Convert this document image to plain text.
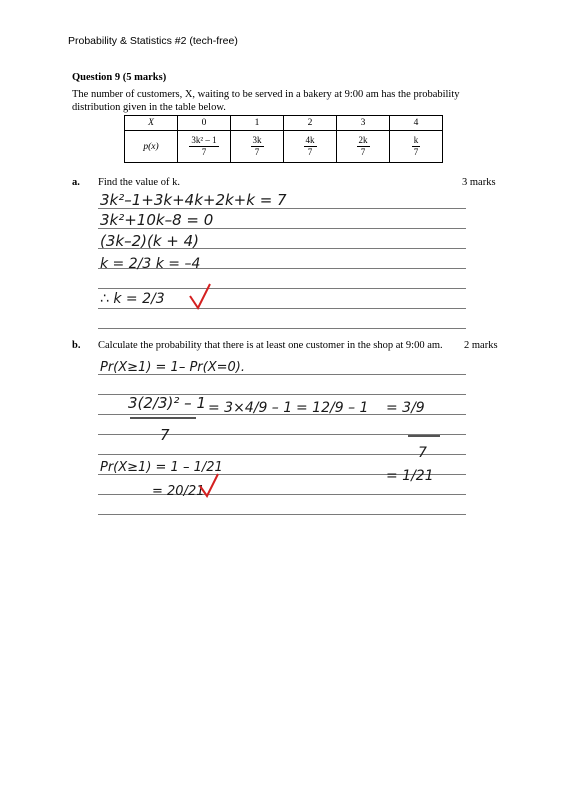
Probability & Statistics #2 (tech-free)
Question 9 (5 marks)
The number of customers, X, waiting to be served in a bakery at 9:00 am has the probability distribution given in the table below.
X	0	1	2	3	4
p(x)	$\frac{\text{3k² – 1}}{7}$	$\frac{3k}{7}$	$\frac{4k}{7}$	$\frac{2k}{7}$	$\frac{k}{7}$
a. Find the value of k.	3 marks
b. Calculate the probability that there is at least one customer in the shop at 9:00 am. 2 marks
3k²–1+3k+4k+2k+k = 7
3k²+10k–8 = 0
(3k–2)(k + 4)
k = 2/3 k = –4
∴ k = 2/3
Pr(X≥1) = 1– Pr(X=0).
3(2/3)² – 1
7
= 3×4/9 – 1 = 12/9 – 1 = 3/9
7
= 1/21
Pr(X≥1) = 1 – 1/21
= 20/21
